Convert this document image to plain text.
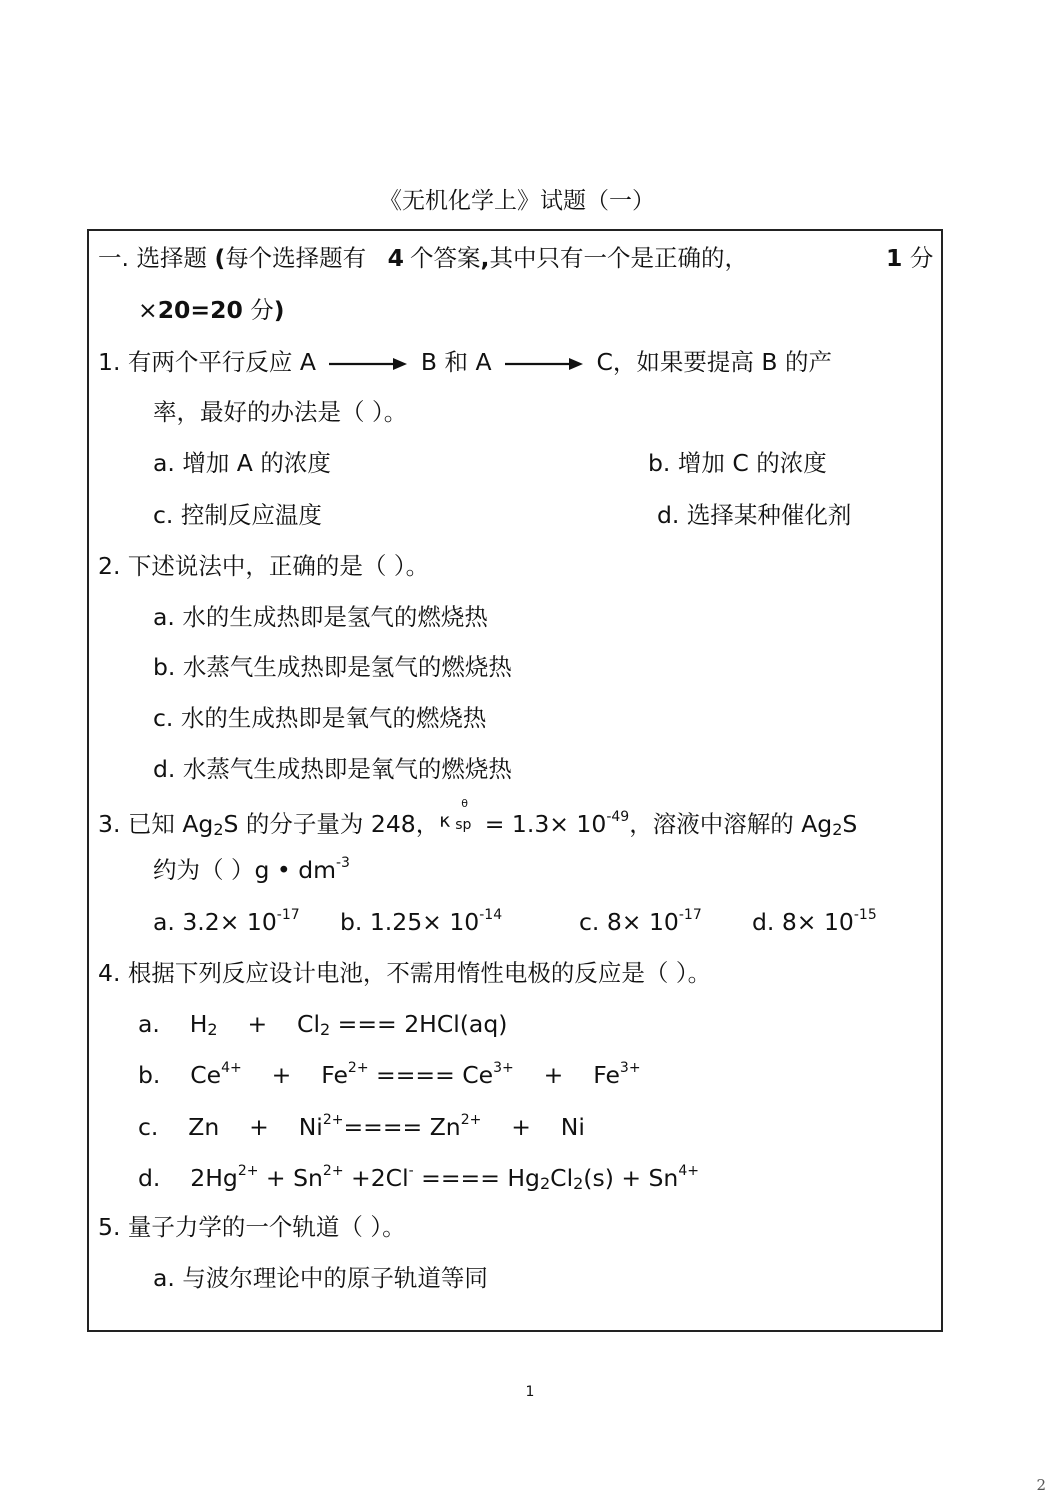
《无机化学上》试题（一）
一. 选择题 (每个选择题有 4 个答案,其中只有一个是正确的，	1 分
×20=20 分)
1. 有两个平行反应 A → B 和 A → C，如果要提高 B 的产
率，最好的办法是（ ）。
a. 增加 A 的浓度	b. 增加 C 的浓度
c. 控制反应温度	d. 选择某种催化剂
2. 下述说法中，正确的是（ ）。
a. 水的生成热即是氢气的燃烧热
b. 水蒸气生成热即是氢气的燃烧热
c. 水的生成热即是氧气的燃烧热
d. 水蒸气生成热即是氧气的燃烧热
3. 已知 $Ag_2S$ 的分子量为 248， κ
θ
sp = $1.3\times 10^{-49}$，溶液中溶解的 $Ag_2S$
约为（ ）g • $dm^{-3}$
a. $3.2\times 10^{-17}$ b. $1.25\times 10^{-14}$	c. $8\times 10^{-17}$ d. $8\times 10^{-15}$
4. 根据下列反应设计电池，不需用惰性电极的反应是（ ）。
a.    $H_2$    +    $Cl_2$ === 2HCl(aq)
b.    $Ce^{4+}$    +    $Fe^{2+}$ ==== $Ce^{3+}$    +    $Fe^{3+}$
c.    Zn    +    $Ni^{2+}==== Zn^{2+}$    +    Ni
d.    $2Hg^{2+} + Sn^{2+} +2Cl^-$ ==== $Hg_2Cl_2(s) + Sn^{4+}$
5. 量子力学的一个轨道（ ）。
a. 与波尔理论中的原子轨道等同
1
2
